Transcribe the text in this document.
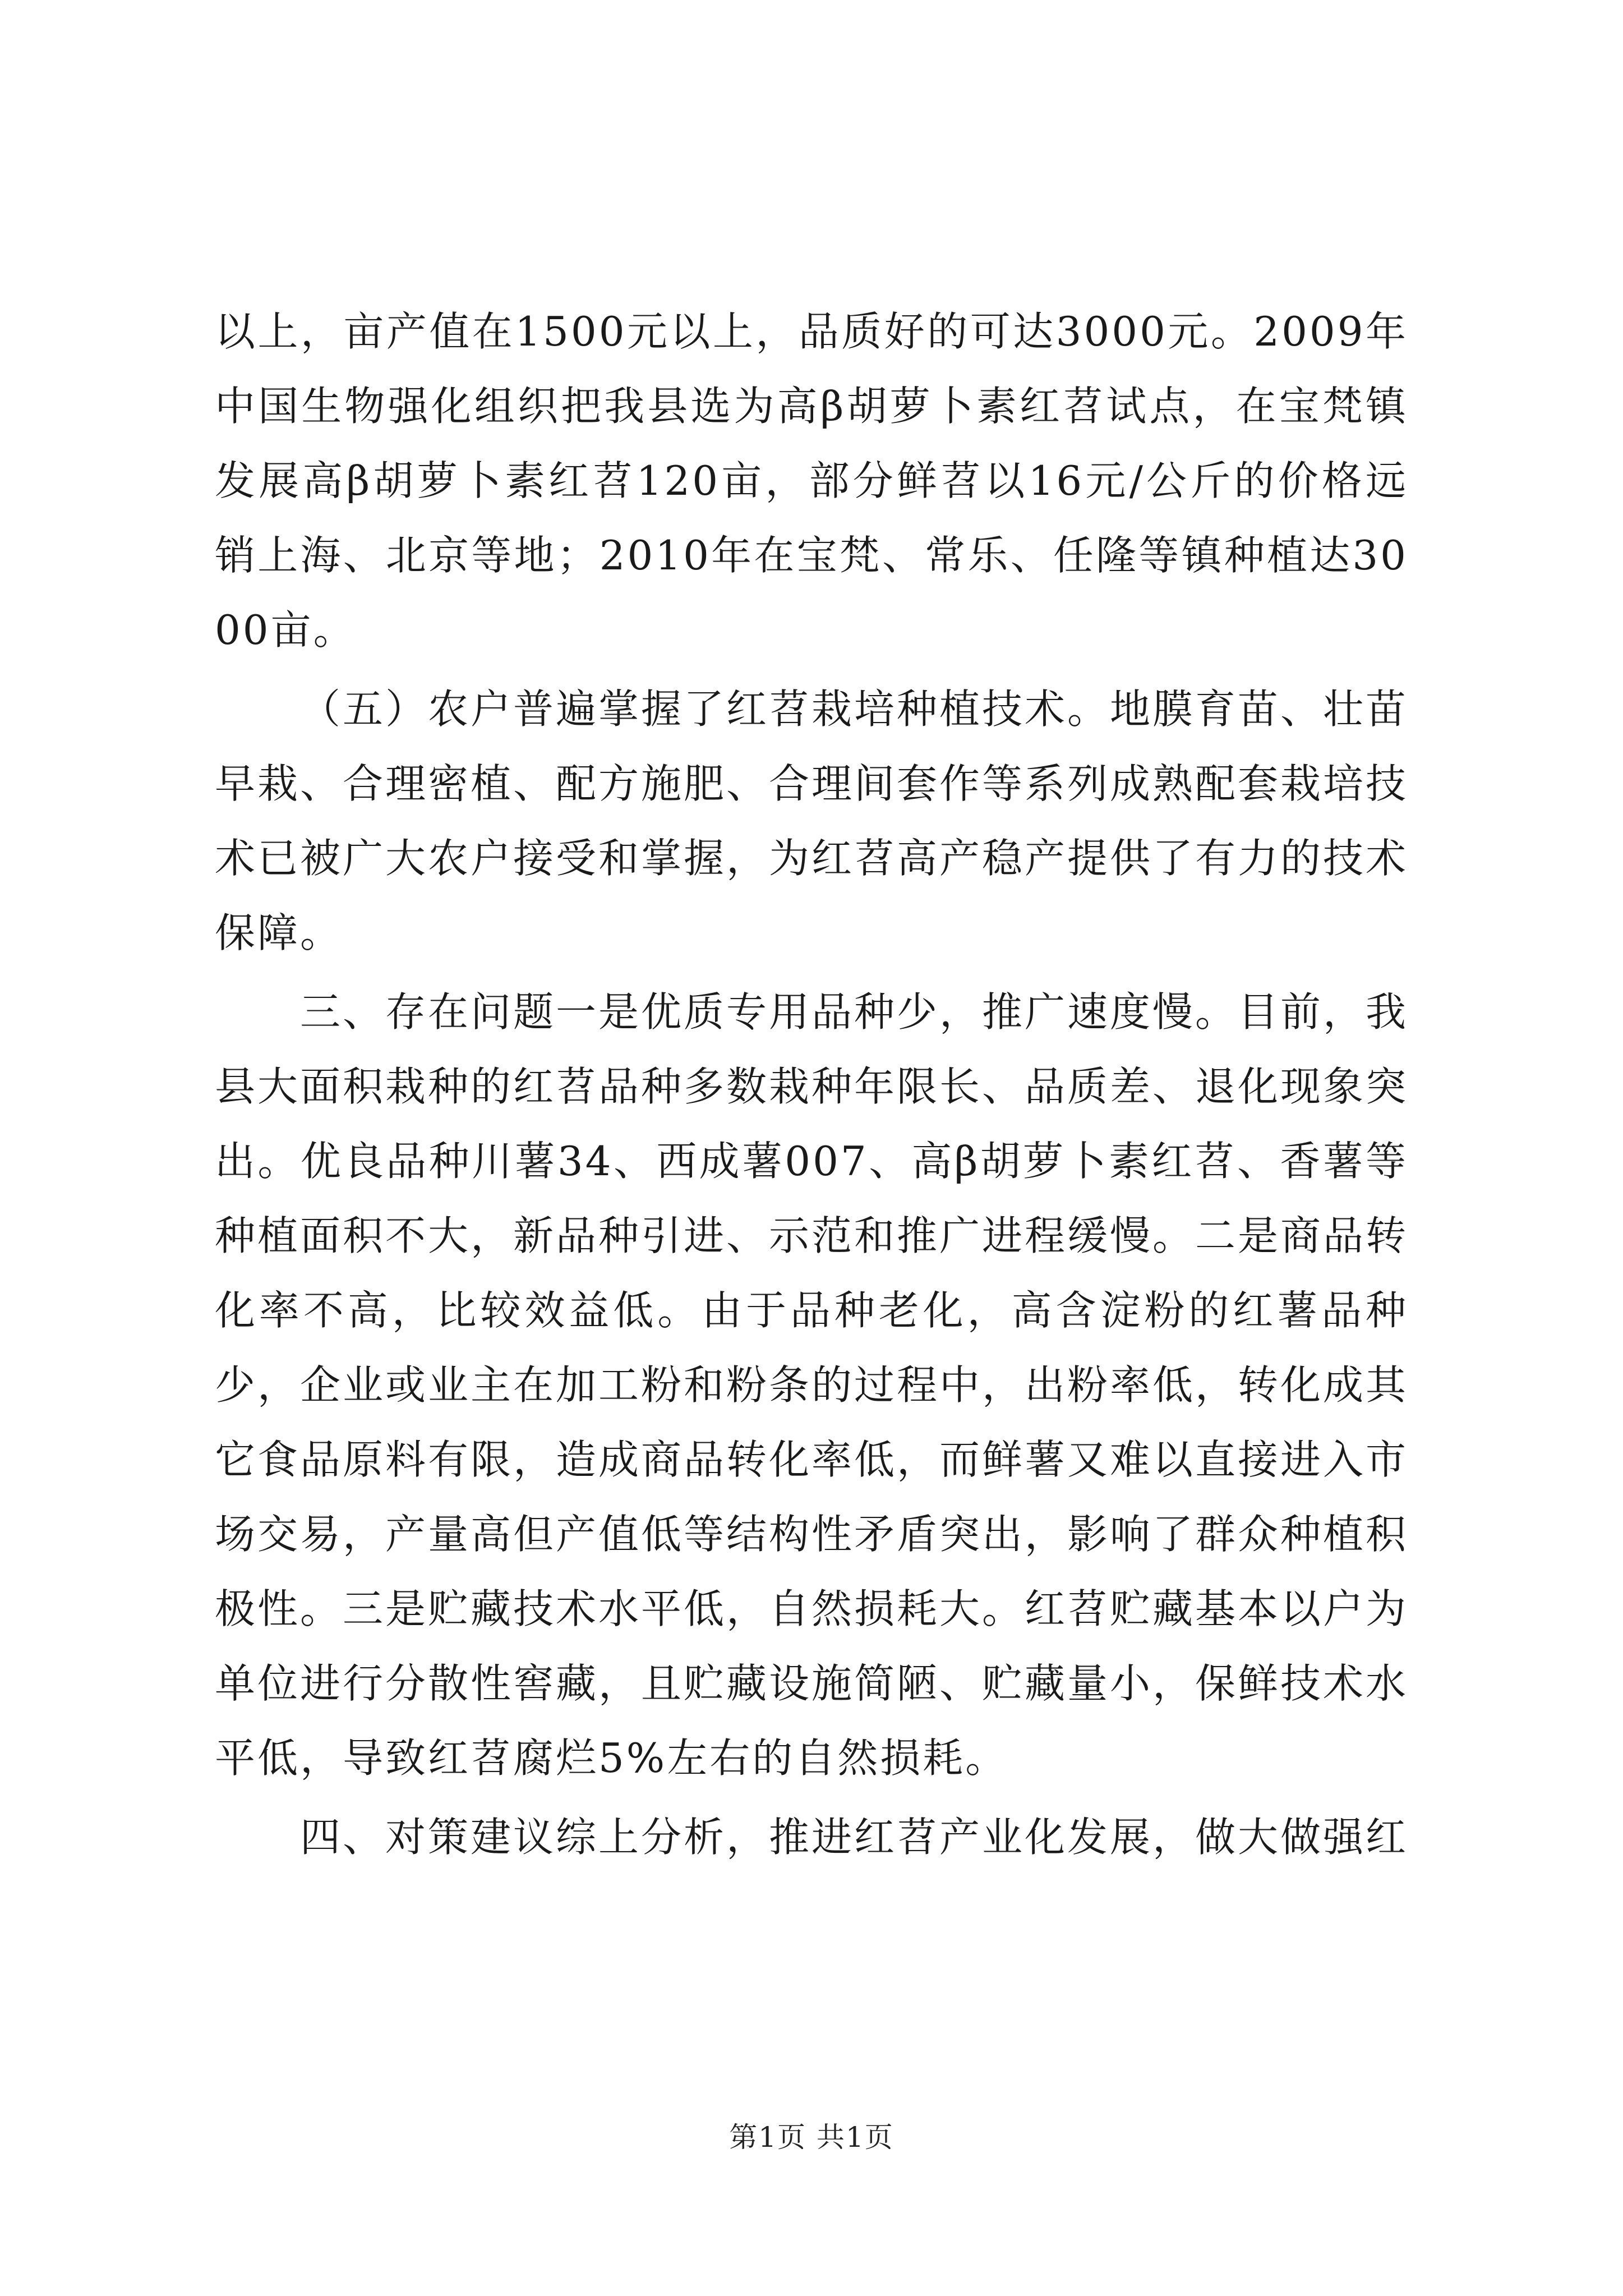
以上，亩产值在1500元以上，品质好的可达3000元。2009年中国生物强化组织把我县选为高β胡萝卜素红苕试点，在宝梵镇发展高β胡萝卜素红苕120亩，部分鲜苕以16元/公斤的价格远销上海、北京等地；2010年在宝梵、常乐、任隆等镇种植达3000亩。

（五）农户普遍掌握了红苕栽培种植技术。地膜育苗、壮苗早栽、合理密植、配方施肥、合理间套作等系列成熟配套栽培技术已被广大农户接受和掌握，为红苕高产稳产提供了有力的技术保障。

三、存在问题一是优质专用品种少，推广速度慢。目前，我县大面积栽种的红苕品种多数栽种年限长、品质差、退化现象突出。优良品种川薯34、西成薯007、高β胡萝卜素红苕、香薯等种植面积不大，新品种引进、示范和推广进程缓慢。二是商品转化率不高，比较效益低。由于品种老化，高含淀粉的红薯品种少，企业或业主在加工粉和粉条的过程中，出粉率低，转化成其它食品原料有限，造成商品转化率低，而鲜薯又难以直接进入市场交易，产量高但产值低等结构性矛盾突出，影响了群众种植积极性。三是贮藏技术水平低，自然损耗大。红苕贮藏基本以户为单位进行分散性窖藏，且贮藏设施简陋、贮藏量小，保鲜技术水平低，导致红苕腐烂5%左右的自然损耗。

四、对策建议综上分析，推进红苕产业化发展，做大做强红

第1页 共1页
